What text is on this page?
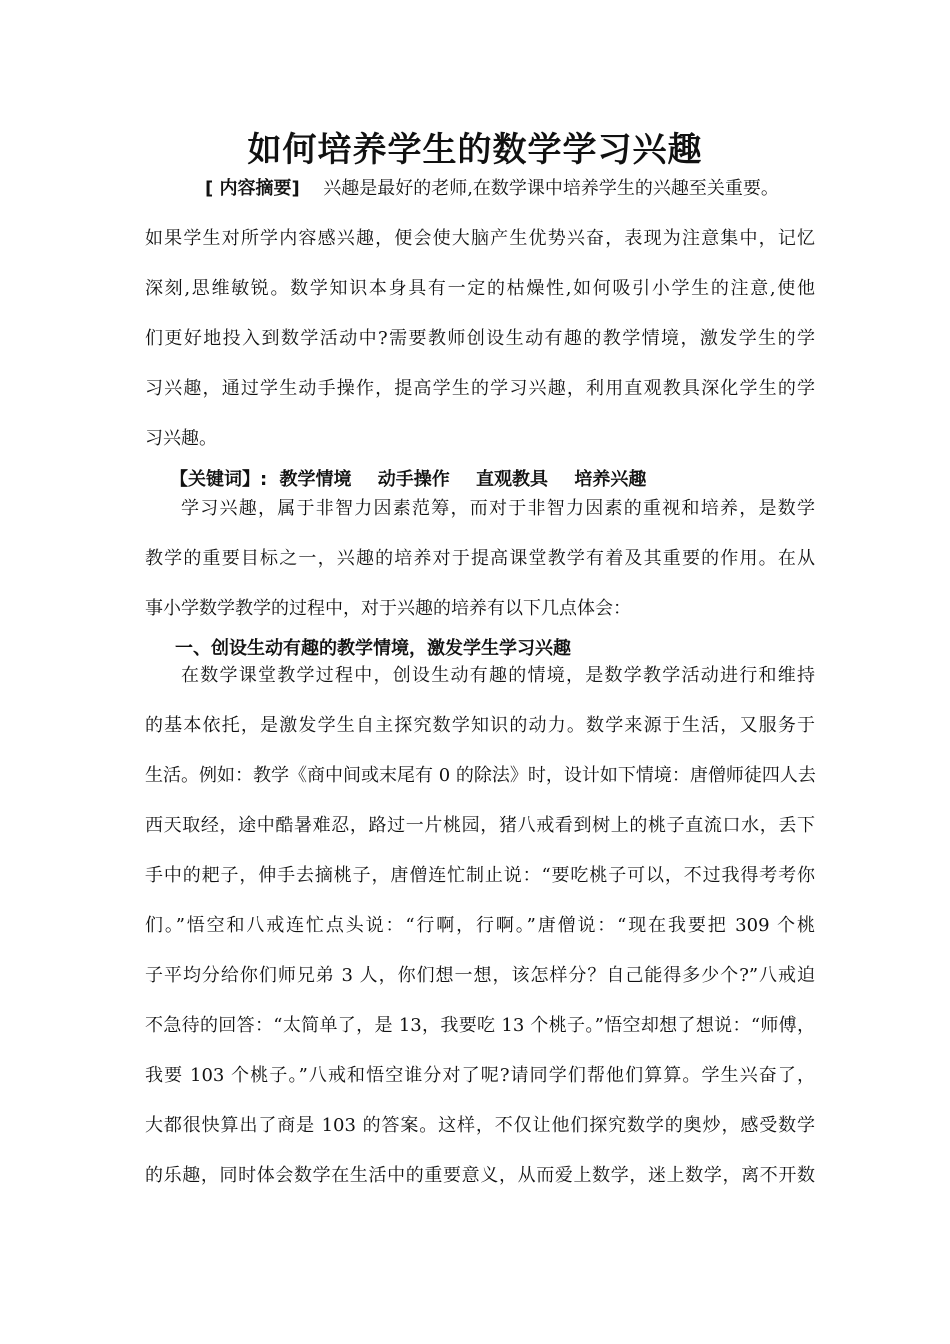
如何培养学生的数学学习兴趣
[ 内容摘要] 兴趣是最好的老师,在数学课中培养学生的兴趣至关重要。
如果学生对所学内容感兴趣，便会使大脑产生优势兴奋，表现为注意集中，记忆
深刻,思维敏锐。数学知识本身具有一定的枯燥性,如何吸引小学生的注意,使他
们更好地投入到数学活动中?需要教师创设生动有趣的教学情境，激发学生的学
习兴趣，通过学生动手操作，提高学生的学习兴趣，利用直观教具深化学生的学
习兴趣。
【关键词】: 教学情境 动手操作 直观教具 培养兴趣
学习兴趣，属于非智力因素范筹，而对于非智力因素的重视和培养，是数学
教学的重要目标之一，兴趣的培养对于提高课堂教学有着及其重要的作用。在从
事小学数学教学的过程中，对于兴趣的培养有以下几点体会：
一、创设生动有趣的教学情境，激发学生学习兴趣
在数学课堂教学过程中，创设生动有趣的情境，是数学教学活动进行和维持
的基本依托，是激发学生自主探究数学知识的动力。数学来源于生活，又服务于
生活。例如：教学《商中间或末尾有 0 的除法》时，设计如下情境：唐僧师徒四人去
西天取经，途中酷暑难忍，路过一片桃园，猪八戒看到树上的桃子直流口水，丢下
手中的耙子，伸手去摘桃子，唐僧连忙制止说：“要吃桃子可以，不过我得考考你
们。”悟空和八戒连忙点头说：“行啊，行啊。”唐僧说：“现在我要把 309 个桃
子平均分给你们师兄弟 3 人，你们想一想，该怎样分？自己能得多少个?”八戒迫
不急待的回答：“太简单了，是 13，我要吃 13 个桃子。”悟空却想了想说：“师傅，
我要 103 个桃子。”八戒和悟空谁分对了呢?请同学们帮他们算算。学生兴奋了，
大都很快算出了商是 103 的答案。这样，不仅让他们探究数学的奥炒，感受数学
的乐趣，同时体会数学在生活中的重要意义，从而爱上数学，迷上数学，离不开数
